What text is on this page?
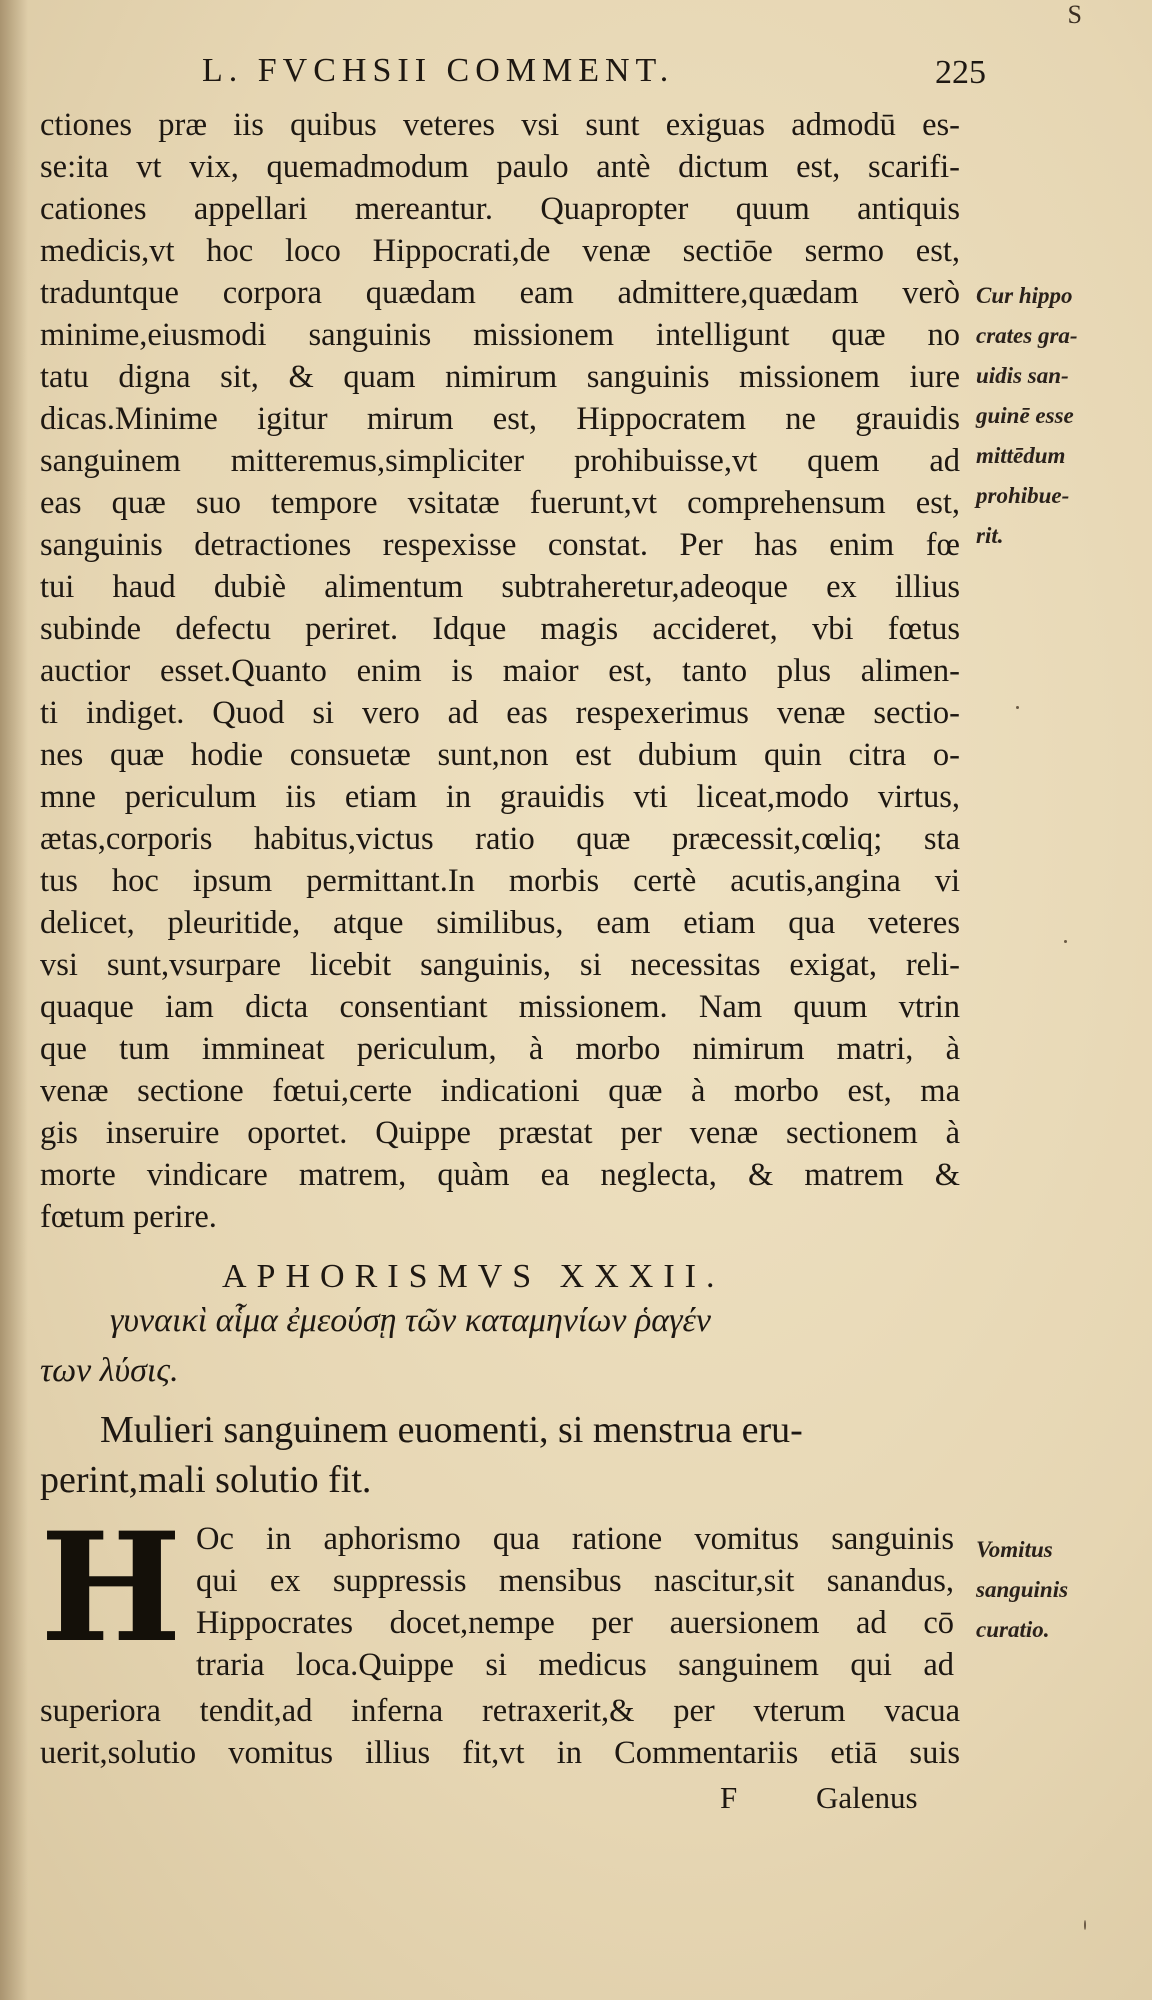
S
L. FVCHSII COMMENT.	225
ctiones præ iis quibus veteres vsi sunt exiguas admodū es-
se:ita vt vix, quemadmodum paulo antè dictum est, scarifi-
cationes appellari mereantur. Quapropter quum antiquis
medicis,vt hoc loco Hippocrati,de venæ sectiōe sermo est,
traduntque corpora quædam eam admittere,quædam verò
minime,eiusmodi sanguinis missionem intelligunt quæ no
tatu digna sit, & quam nimirum sanguinis missionem iure
dicas.Minime igitur mirum est, Hippocratem ne grauidis
sanguinem mitteremus,simpliciter prohibuisse,vt quem ad
eas quæ suo tempore vsitatæ fuerunt,vt comprehensum est,
sanguinis detractiones respexisse constat. Per has enim fœ
tui haud dubiè alimentum subtraheretur,adeoque ex illius
subinde defectu periret. Idque magis accideret, vbi fœtus
auctior esset.Quanto enim is maior est, tanto plus alimen-
ti indiget. Quod si vero ad eas respexerimus venæ sectio-
nes quæ hodie consuetæ sunt,non est dubium quin citra o-
mne periculum iis etiam in grauidis vti liceat,modo virtus,
ætas,corporis habitus,victus ratio quæ præcessit,cœliq; sta
tus hoc ipsum permittant.In morbis certè acutis,angina vi
delicet, pleuritide, atque similibus, eam etiam qua veteres
vsi sunt,vsurpare licebit sanguinis, si necessitas exigat, reli-
quaque iam dicta consentiant missionem. Nam quum vtrin
que tum immineat periculum, à morbo nimirum matri, à
venæ sectione fœtui,certe indicationi quæ à morbo est, ma
gis inseruire oportet. Quippe præstat per venæ sectionem à
morte vindicare matrem, quàm ea neglecta, & matrem &
fœtum perire.
APHORISMVS XXXII.
γυναικὶ αἷμα ἐμεούσῃ τῶν καταμηνίων ῥαγέν
των λύσις.
Mulieri sanguinem euomenti, si menstrua eru-
perint,mali solutio fit.
H Oc in aphorismo qua ratione vomitus sanguinis
qui ex suppressis mensibus nascitur,sit sanandus,
Hippocrates docet,nempe per auersionem ad cō
traria loca.Quippe si medicus sanguinem qui ad
superiora tendit,ad inferna retraxerit,& per vterum vacua
uerit,solutio vomitus illius fit,vt in Commentariis etiā suis
F	Galenus
Cur hippo
crates gra-
uidis san-
guinē esse
mittēdum
prohibue-
rit.
Vomitus
sanguinis
curatio.
